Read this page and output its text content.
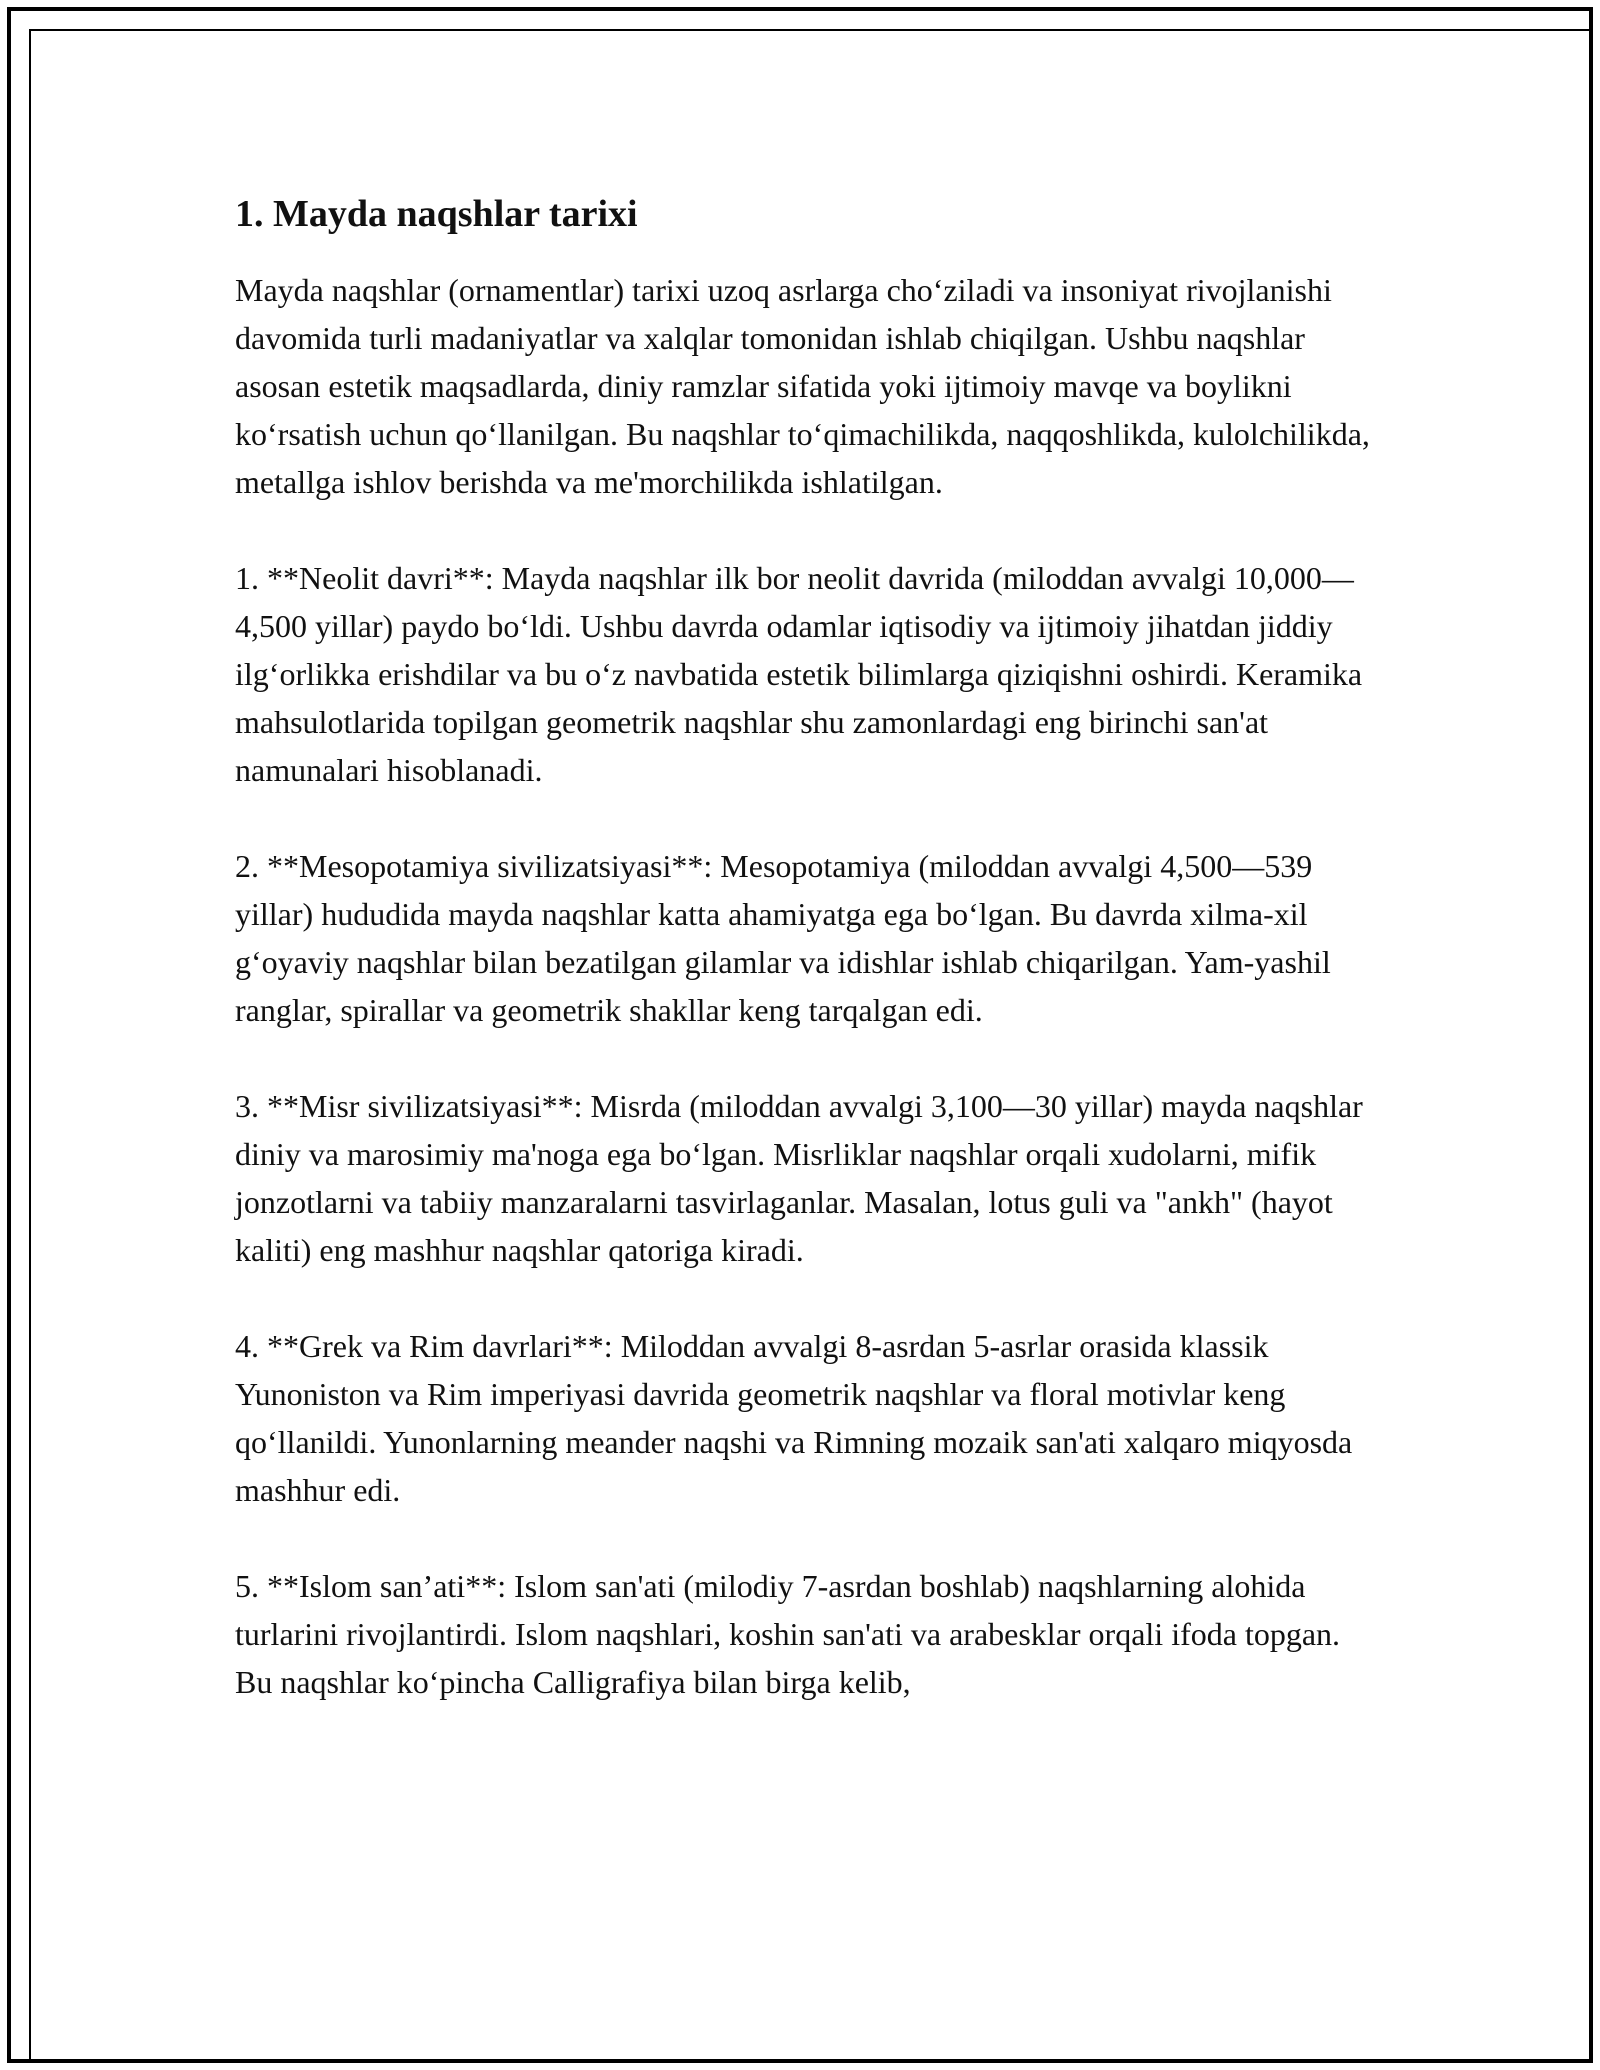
1. Mayda naqshlar tarixi

Mayda naqshlar (ornamentlar) tarixi uzoq asrlarga cho‘ziladi va insoniyat rivojlanishi davomida turli madaniyatlar va xalqlar tomonidan ishlab chiqilgan. Ushbu naqshlar asosan estetik maqsadlarda, diniy ramzlar sifatida yoki ijtimoiy mavqe va boylikni ko‘rsatish uchun qo‘llanilgan. Bu naqshlar to‘qimachilikda, naqqoshlikda, kulolchilikda, metallga ishlov berishda va me'morchilikda ishlatilgan.

1. **Neolit davri**: Mayda naqshlar ilk bor neolit davrida (miloddan avvalgi 10,000—4,500 yillar) paydo bo‘ldi. Ushbu davrda odamlar iqtisodiy va ijtimoiy jihatdan jiddiy ilg‘orlikka erishdilar va bu o‘z navbatida estetik bilimlarga qiziqishni oshirdi. Keramika mahsulotlarida topilgan geometrik naqshlar shu zamonlardagi eng birinchi san'at namunalari hisoblanadi.

2. **Mesopotamiya sivilizatsiyasi**: Mesopotamiya (miloddan avvalgi 4,500—539 yillar) hududida mayda naqshlar katta ahamiyatga ega bo‘lgan. Bu davrda xilma-xil g‘oyaviy naqshlar bilan bezatilgan gilamlar va idishlar ishlab chiqarilgan. Yam-yashil ranglar, spirallar va geometrik shakllar keng tarqalgan edi.

3. **Misr sivilizatsiyasi**: Misrda (miloddan avvalgi 3,100—30 yillar) mayda naqshlar diniy va marosimiy ma'noga ega bo‘lgan. Misrliklar naqshlar orqali xudolarni, mifik jonzotlarni va tabiiy manzaralarni tasvirlaganlar. Masalan, lotus guli va "ankh" (hayot kaliti) eng mashhur naqshlar qatoriga kiradi.

4. **Grek va Rim davrlari**: Miloddan avvalgi 8-asrdan 5-asrlar orasida klassik Yunoniston va Rim imperiyasi davrida geometrik naqshlar va floral motivlar keng qo‘llanildi. Yunonlarning meander naqshi va Rimning mozaik san'ati xalqaro miqyosda mashhur edi.

5. **Islom san’ati**: Islom san'ati (milodiy 7-asrdan boshlab) naqshlarning alohida turlarini rivojlantirdi. Islom naqshlari, koshin san'ati va arabesklar orqali ifoda topgan. Bu naqshlar ko‘pincha Calligrafiya bilan birga kelib,
